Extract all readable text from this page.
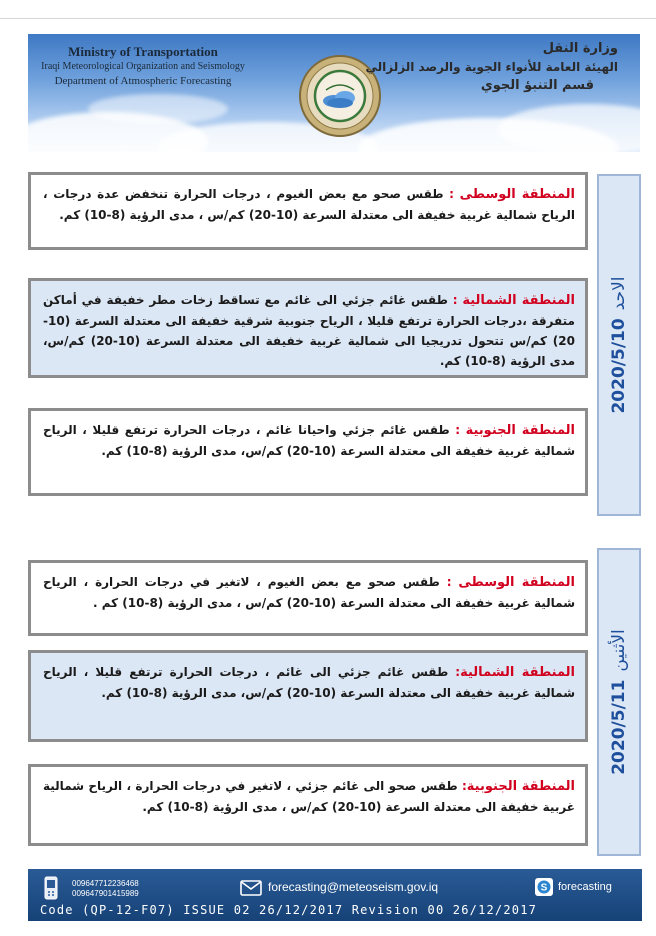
Ministry of Transportation
Iraqi Meteorological Organization and Seismology
Department of Atmospheric Forecasting
وزارة النقل
الهيئة العامة للأنواء الجوية والرصد الزلزالي
قسم التنبؤ الجوي
2020/5/10الاحد
المنطقة الوسطى : طقس صحو مع بعض الغيوم ، درجات الحرارة تنخفض عدة درجات ، الرياح شمالية غربية خفيفة الى معتدلة السرعة (10-20) كم/س ، مدى الرؤية (8-10) كم.
المنطقة الشمالية : طقس غائم جزئي الى غائم مع تساقط زخات مطر خفيفة في أماكن متفرقة ،درجات الحرارة ترتفع قليلا ، الرياح جنوبية شرقية خفيفة الى معتدلة السرعة (10-20) كم/س تتحول تدريجيا الى شمالية غربية خفيفة الى معتدلة السرعة (10-20) كم/س، مدى الرؤية (8-10) كم.
المنطقة الجنوبية : طقس غائم جزئي واحيانا غائم ، درجات الحرارة ترتفع قليلا ، الرياح شمالية غربية خفيفة الى معتدلة السرعة (10-20) كم/س، مدى الرؤية (8-10) كم.
2020/5/11الأثنين
المنطقة الوسطى : طقس صحو مع بعض الغيوم ، لاتغير في درجات الحرارة ، الرياح شمالية غربية خفيفة الى معتدلة السرعة (10-20) كم/س ، مدى الرؤية (8-10) كم .
المنطقة الشمالية: طقس غائم جزئي الى غائم ، درجات الحرارة ترتفع قليلا ، الرياح شمالية غربية خفيفة الى معتدلة السرعة (10-20) كم/س، مدى الرؤية (8-10) كم.
المنطقة الجنوبية: طقس صحو الى غائم جزئي ، لاتغير في درجات الحرارة ، الرياح شمالية غربية خفيفة الى معتدلة السرعة (10-20) كم/س ، مدى الرؤية (8-10) كم.
009647712236468
009647901415989	forecasting@meteoseism.gov.iq	S forecasting
Code (QP-12-F07) ISSUE 02 26/12/2017 Revision 00 26/12/2017
